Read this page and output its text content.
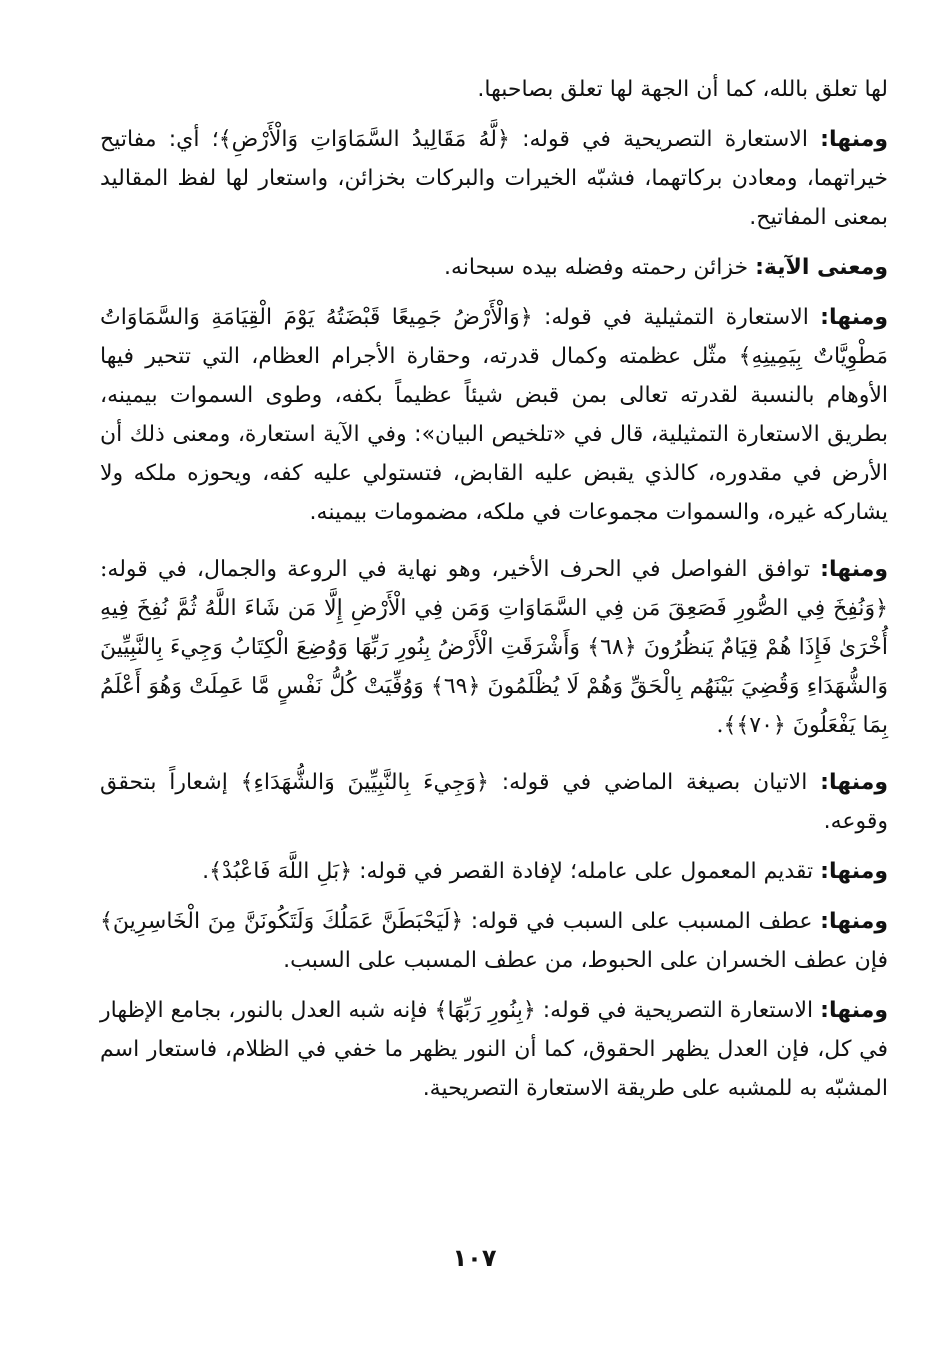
لها تعلق بالله، كما أن الجهة لها تعلق بصاحبها.

ومنها: الاستعارة التصريحية في قوله: ﴿لَّهُ مَقَالِيدُ السَّمَاوَاتِ وَالْأَرْضِ﴾؛ أي: مفاتيح خيراتهما، ومعادن بركاتهما، فشبّه الخيرات والبركات بخزائن، واستعار لها لفظ المقاليد بمعنى المفاتيح.

ومعنى الآية: خزائن رحمته وفضله بيده سبحانه.

ومنها: الاستعارة التمثيلية في قوله: ﴿وَالْأَرْضُ جَمِيعًا قَبْضَتُهُ يَوْمَ الْقِيَامَةِ وَالسَّمَاوَاتُ مَطْوِيَّاتٌ بِيَمِينِهِ﴾ مثّل عظمته وكمال قدرته، وحقارة الأجرام العظام، التي تتحير فيها الأوهام بالنسبة لقدرته تعالى بمن قبض شيئاً عظيماً بكفه، وطوى السموات بيمينه، بطريق الاستعارة التمثيلية، قال في «تلخيص البيان»: وفي الآية استعارة، ومعنى ذلك أن الأرض في مقدوره، كالذي يقبض عليه القابض، فتستولي عليه كفه، ويحوزه ملكه ولا يشاركه غيره، والسموات مجموعات في ملكه، مضمومات بيمينه.

ومنها: توافق الفواصل في الحرف الأخير، وهو نهاية في الروعة والجمال، في قوله: ﴿وَنُفِخَ فِي الصُّورِ فَصَعِقَ مَن فِي السَّمَاوَاتِ وَمَن فِي الْأَرْضِ إِلَّا مَن شَاءَ اللَّهُ ثُمَّ نُفِخَ فِيهِ أُخْرَىٰ فَإِذَا هُمْ قِيَامٌ يَنظُرُونَ ﴿٦٨﴾ وَأَشْرَقَتِ الْأَرْضُ بِنُورِ رَبِّهَا وَوُضِعَ الْكِتَابُ وَجِيءَ بِالنَّبِيِّينَ وَالشُّهَدَاءِ وَقُضِيَ بَيْنَهُم بِالْحَقِّ وَهُمْ لَا يُظْلَمُونَ ﴿٦٩﴾ وَوُفِّيَتْ كُلُّ نَفْسٍ مَّا عَمِلَتْ وَهُوَ أَعْلَمُ بِمَا يَفْعَلُونَ ﴿٧٠﴾﴾.

ومنها: الاتيان بصيغة الماضي في قوله: ﴿وَجِيءَ بِالنَّبِيِّينَ وَالشُّهَدَاءِ﴾ إشعاراً بتحقق وقوعه.

ومنها: تقديم المعمول على عامله؛ لإفادة القصر في قوله: ﴿بَلِ اللَّهَ فَاعْبُدْ﴾.

ومنها: عطف المسبب على السبب في قوله: ﴿لَيَحْبَطَنَّ عَمَلُكَ وَلَتَكُونَنَّ مِنَ الْخَاسِرِينَ﴾ فإن عطف الخسران على الحبوط، من عطف المسبب على السبب.

ومنها: الاستعارة التصريحية في قوله: ﴿بِنُورِ رَبِّهَا﴾ فإنه شبه العدل بالنور، بجامع الإظهار في كل، فإن العدل يظهر الحقوق، كما أن النور يظهر ما خفي في الظلام، فاستعار اسم المشبّه به للمشبه على طريقة الاستعارة التصريحية.

١٠٧
